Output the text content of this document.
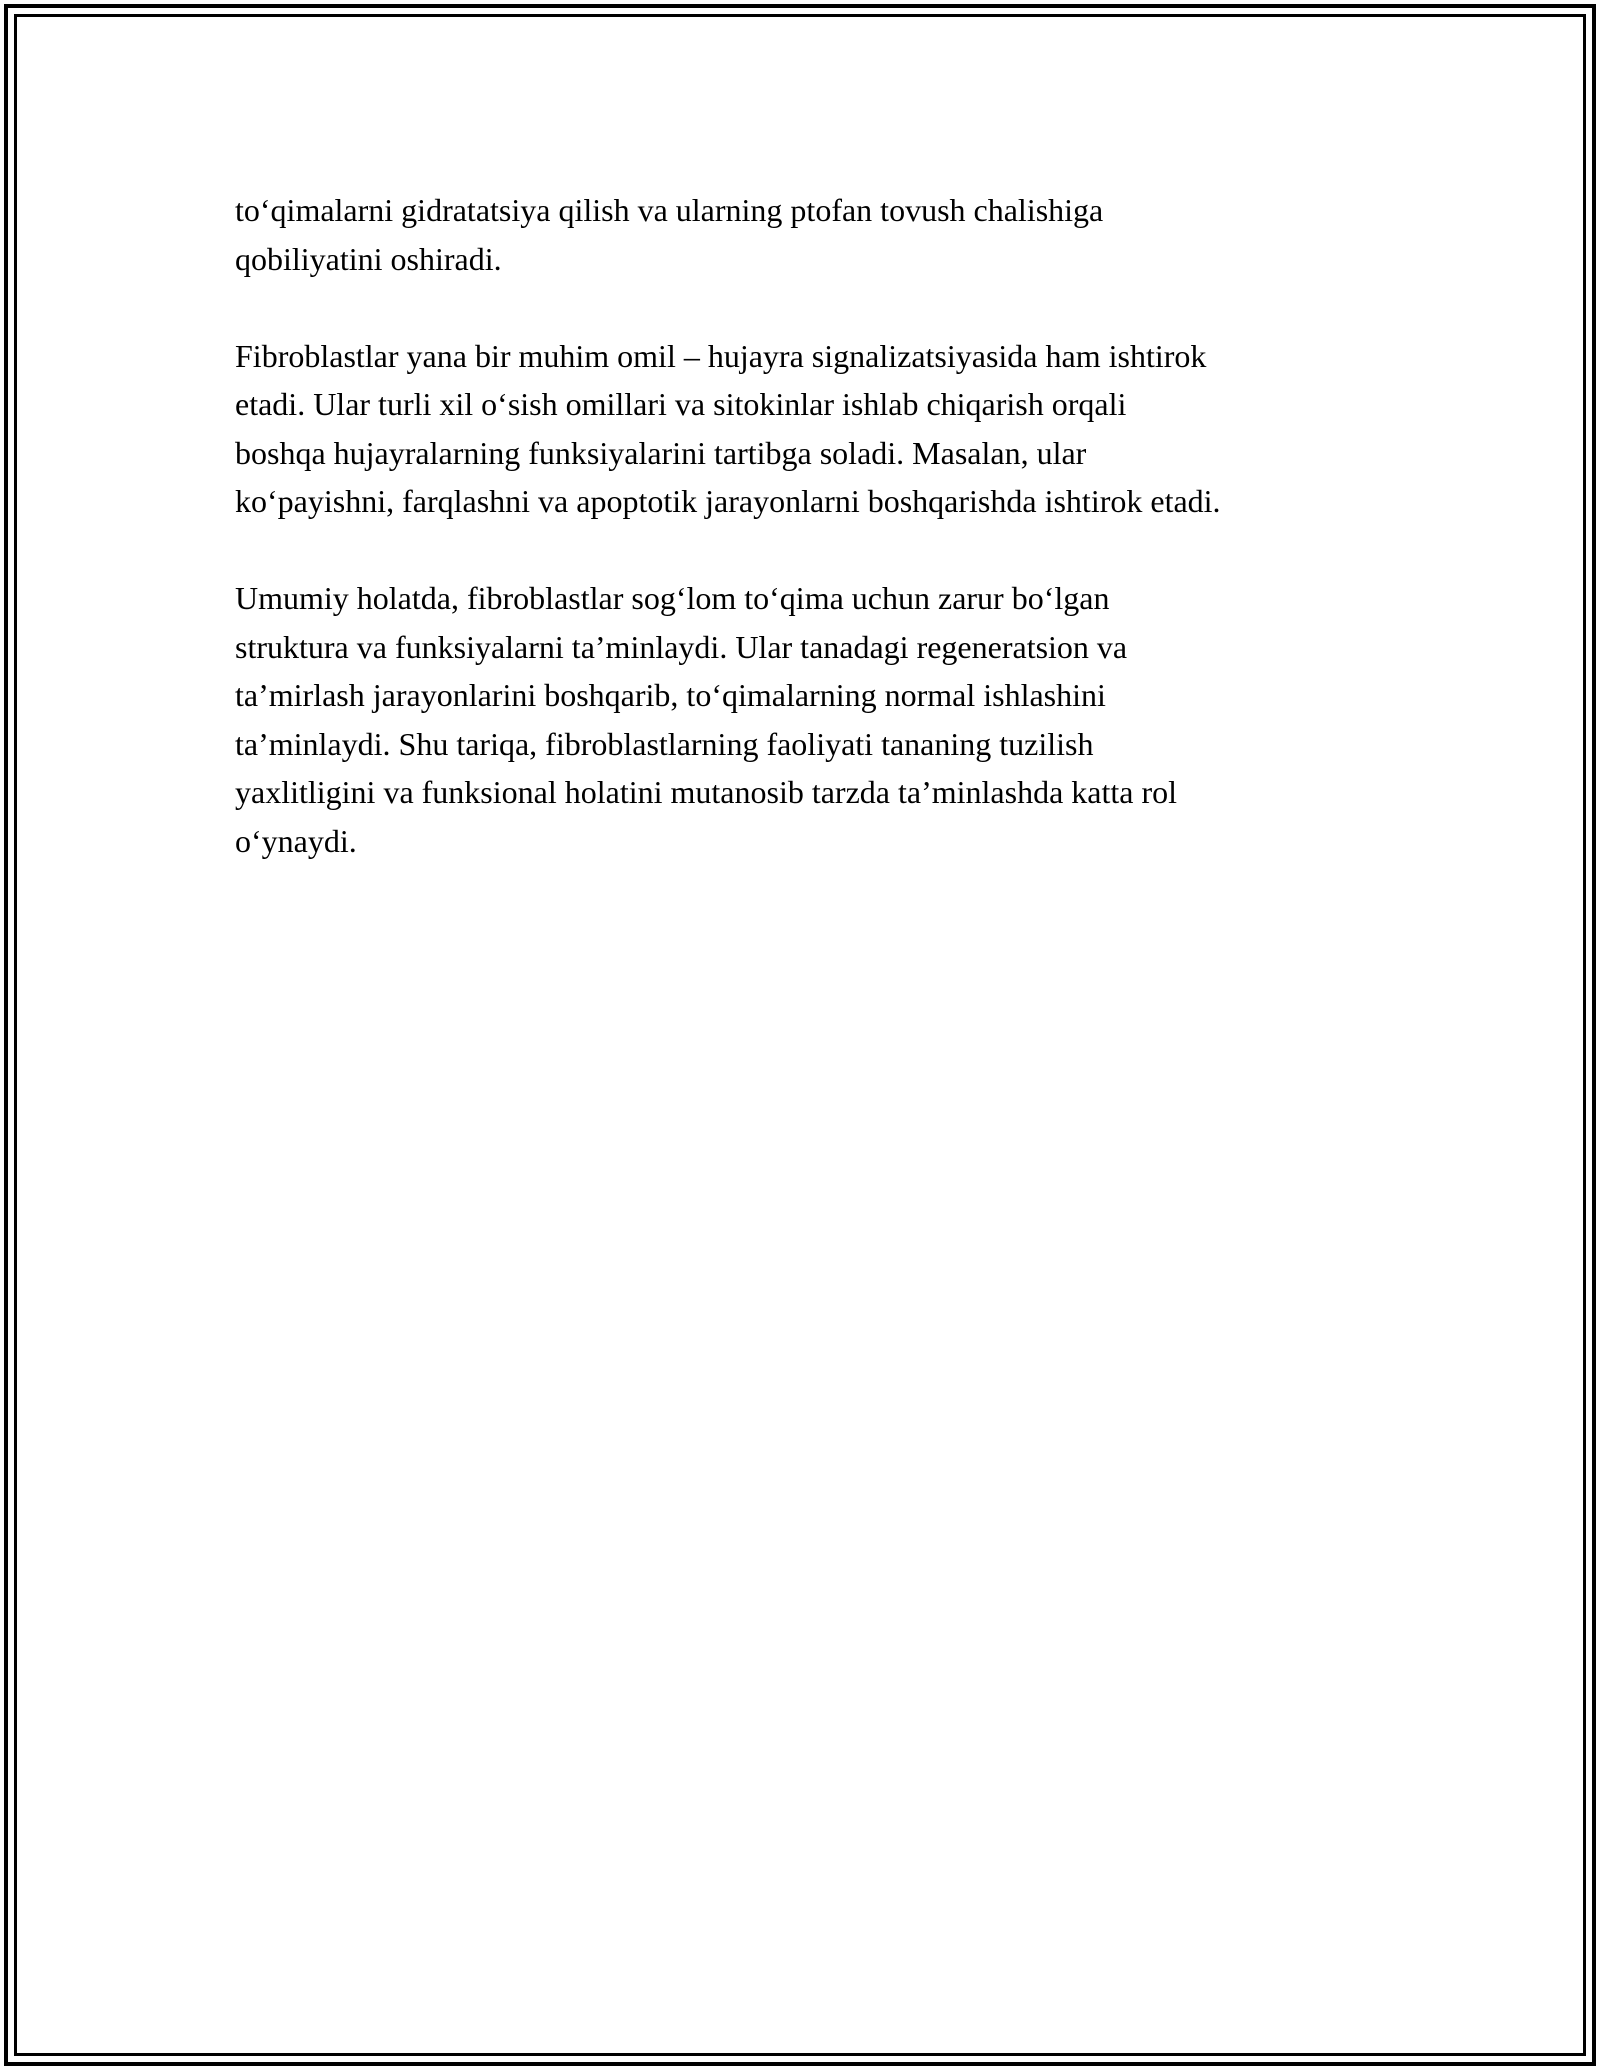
to‘qimalarni gidratatsiya qilish va ularning ptofan tovush chalishiga
qobiliyatini oshiradi.

Fibroblastlar yana bir muhim omil – hujayra signalizatsiyasida ham ishtirok
etadi. Ular turli xil o‘sish omillari va sitokinlar ishlab chiqarish orqali
boshqa hujayralarning funksiyalarini tartibga soladi. Masalan, ular
ko‘payishni, farqlashni va apoptotik jarayonlarni boshqarishda ishtirok etadi.

Umumiy holatda, fibroblastlar sog‘lom to‘qima uchun zarur bo‘lgan
struktura va funksiyalarni ta’minlaydi. Ular tanadagi regeneratsion va
ta’mirlash jarayonlarini boshqarib, to‘qimalarning normal ishlashini
ta’minlaydi. Shu tariqa, fibroblastlarning faoliyati tananing tuzilish
yaxlitligini va funksional holatini mutanosib tarzda ta’minlashda katta rol
o‘ynaydi.
